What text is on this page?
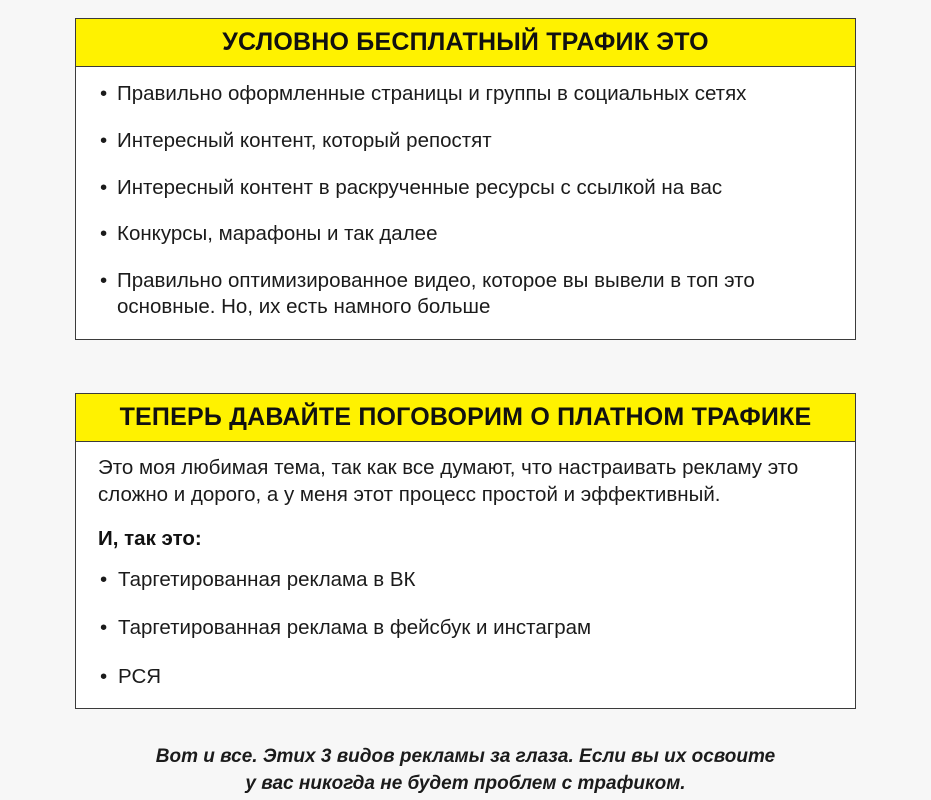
УСЛОВНО БЕСПЛАТНЫЙ ТРАФИК ЭТО
• Правильно оформленные страницы и группы в социальных сетях
• Интересный контент, который репостят
• Интересный контент в раскрученные ресурсы с ссылкой на вас
• Конкурсы, марафоны и так далее
• Правильно оптимизированное видео, которое вы вывели в топ это основные. Но, их есть намного больше
ТЕПЕРЬ ДАВАЙТЕ ПОГОВОРИМ О ПЛАТНОМ ТРАФИКЕ

Это моя любимая тема, так как все думают, что настраивать рекламу это сложно и дорого, а у меня этот процесс простой и эффективный.

И, так это:

• Таргетированная реклама в ВК
• Таргетированная реклама в фейсбук и инстаграм
• РСЯ
Вот и все. Этих 3 видов рекламы за глаза. Если вы их освоите
у вас никогда не будет проблем с трафиком.
